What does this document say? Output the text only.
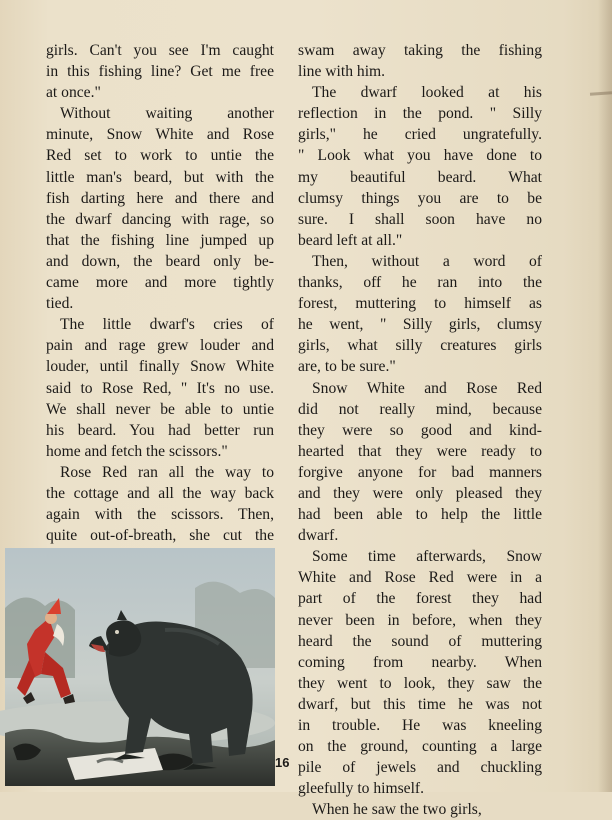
girls. Can't you see I'm caught
in this fishing line? Get me free
at once."
Without waiting another
minute, Snow White and Rose
Red set to work to untie the
little man's beard, but with the
fish darting here and there and
the dwarf dancing with rage, so
that the fishing line jumped up
and down, the beard only be-
came more and more tightly
tied.
The little dwarf's cries of
pain and rage grew louder and
louder, until finally Snow White
said to Rose Red, " It's no use.
We shall never be able to untie
his beard. You had better run
home and fetch the scissors."
Rose Red ran all the way to
the cottage and all the way back
again with the scissors. Then,
quite out-of-breath, she cut the
swam away taking the fishing
line with him.
The dwarf looked at his
reflection in the pond. " Silly
girls," he cried ungratefully.
" Look what you have done to
my beautiful beard. What
clumsy things you are to be
sure. I shall soon have no
beard left at all."
Then, without a word of
thanks, off he ran into the
forest, muttering to himself as
he went, " Silly girls, clumsy
girls, what silly creatures girls
are, to be sure."
Snow White and Rose Red
did not really mind, because
they were so good and kind-
hearted that they were ready to
forgive anyone for bad manners
and they were only pleased they
had been able to help the little
dwarf.
Some time afterwards, Snow
White and Rose Red were in a
part of the forest they had
never been in before, when they
heard the sound of muttering
coming from nearby. When
they went to look, they saw the
dwarf, but this time he was not
in trouble. He was kneeling
on the ground, counting a large
pile of jewels and chuckling
gleefully to himself.
When he saw the two girls,
16
